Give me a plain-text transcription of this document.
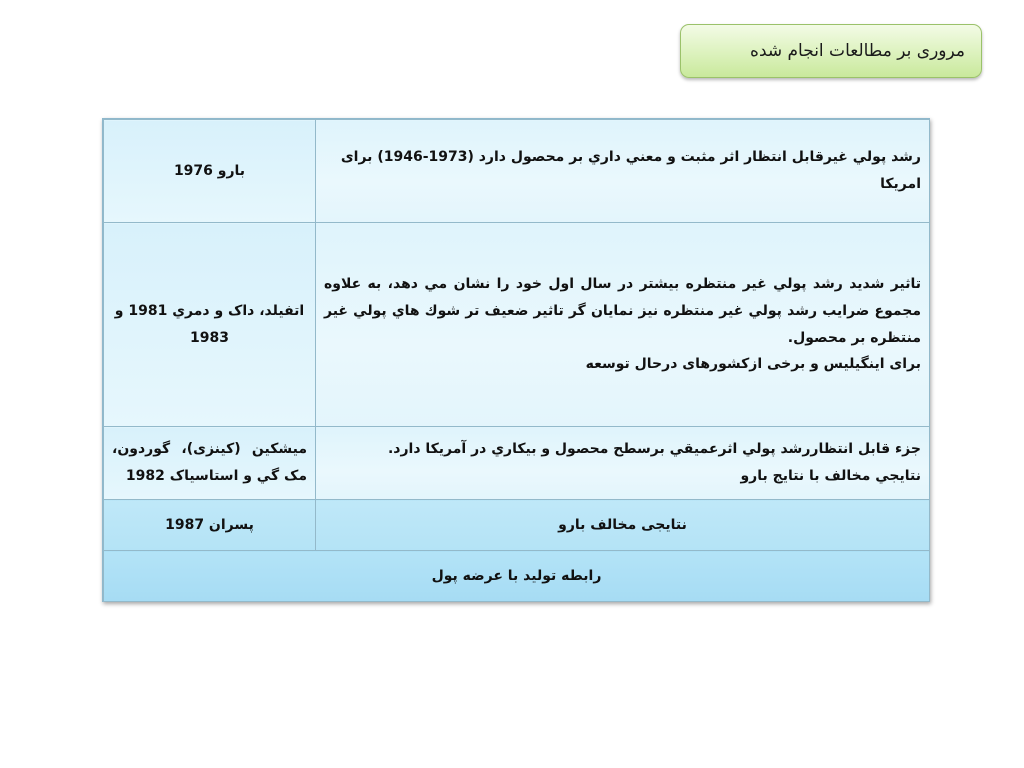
مروری بر مطالعات انجام شده
رشد پولي غيرقابل انتظار اثر مثبت و معني داري بر محصول دارد (1973-1946) برای امریکا	بارو 1976

تاثير شديد رشد پولي غير منتظره بيشتر در سال اول خود را نشان مي دهد، به علاوه مجموع ضرايب رشد پولي غير منتظره نيز نمايان گر تاثير ضعيف تر شوك هاي پولي غير منتظره بر محصول.
برای اینگیلیس و برخی ازکشورهای درحال توسعه	اتفيلد، داک و دمري 1981 و 1983

جزء قابل انتظاررشد پولي اثرعميقي برسطح محصول و بيكاري در آمريكا دارد.
نتايجي مخالف با نتايج بارو	ميشكين (كينزی)، گوردون، مک گي و استاسياک 1982

نتايجی مخالف بارو	پسران 1987

رابطه تولید با عرضه پول	
